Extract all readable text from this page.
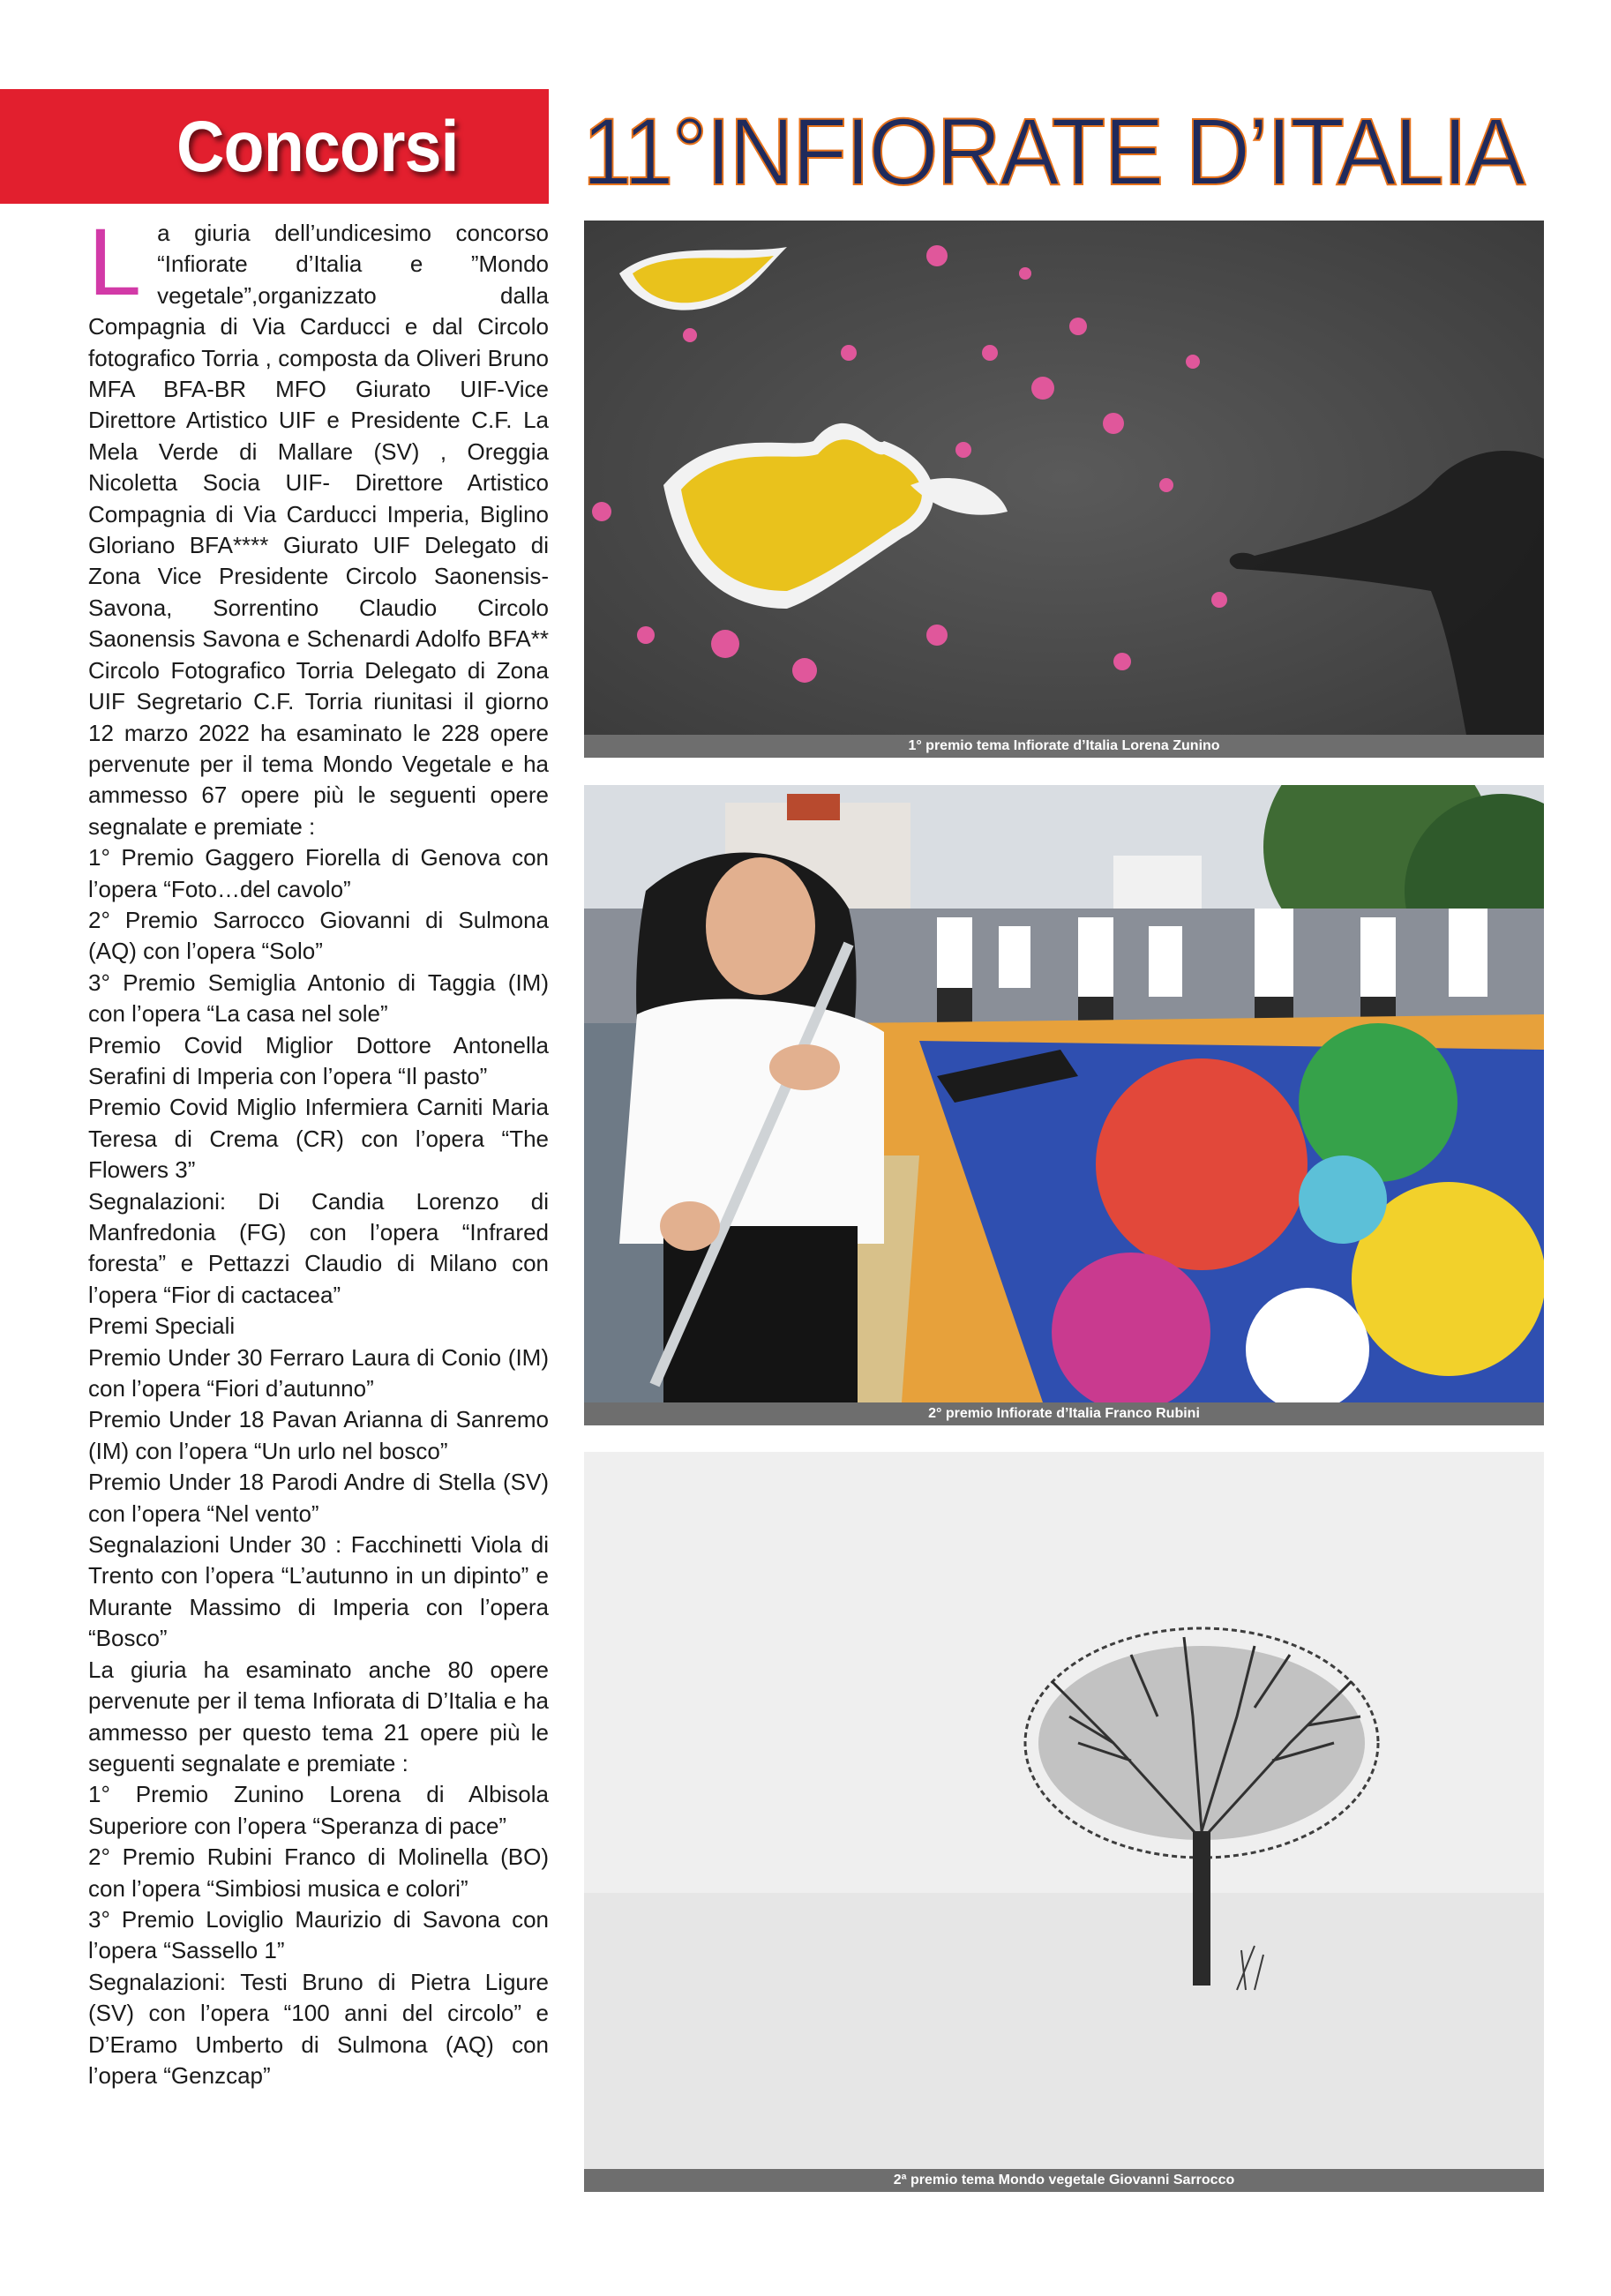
Concorsi 11°INFIORATE D’ITALIA

La giuria dell’undicesimo concorso “Infiorate d’Italia e ”Mondo vegetale”,organizzato dalla Compagnia di Via Carducci e dal Circolo fotografico Torria , composta da Oliveri Bruno MFA BFA-BR MFO Giurato UIF-Vice Direttore Artistico UIF e Presidente C.F. La Mela Verde di Mallare (SV) , Oreggia Nicoletta Socia UIF- Direttore Artistico Compagnia di Via Carducci Imperia, Biglino Gloriano BFA**** Giurato UIF Delegato di Zona Vice Presidente Circolo Saonensis- Savona, Sorrentino Claudio Circolo Saonensis Savona e Schenardi Adolfo BFA** Circolo Fotografico Torria Delegato di Zona UIF Segretario C.F. Torria riunitasi il giorno 12 marzo 2022 ha esaminato le 228 opere pervenute per il tema Mondo Vegetale e ha ammesso 67 opere più le seguenti opere segnalate e premiate :

1° Premio Gaggero Fiorella di Genova con l’opera “Foto…del cavolo”

2° Premio Sarrocco Giovanni di Sulmona (AQ) con l’opera “Solo”

3° Premio Semiglia Antonio di Taggia (IM) con l’opera “La casa nel sole”

Premio Covid Miglior Dottore Antonella Serafini di Imperia con l’opera “Il pasto”

Premio Covid Miglio Infermiera Carniti Maria Teresa di Crema (CR) con l’opera “The Flowers 3”

Segnalazioni: Di Candia Lorenzo di Manfredonia (FG) con l’opera “Infrared foresta” e Pettazzi Claudio di Milano con l’opera “Fior di cactacea”

Premi Speciali

Premio Under 30 Ferraro Laura di Conio (IM) con l’opera “Fiori d’autunno”

Premio Under 18 Pavan Arianna di Sanremo (IM) con l’opera “Un urlo nel bosco”

Premio Under 18 Parodi Andre di Stella (SV) con l’opera “Nel vento”

Segnalazioni Under 30 : Facchinetti Viola di Trento con l’opera “L’autunno in un dipinto” e Murante Massimo di Imperia con l’opera “Bosco”

La giuria ha esaminato anche 80 opere pervenute per il tema Infiorata di D’Italia e ha ammesso per questo tema 21 opere più le seguenti segnalate e premiate :

1° Premio Zunino Lorena di Albisola Superiore con l’opera “Speranza di pace”

2° Premio Rubini Franco di Molinella (BO) con l’opera “Simbiosi musica e colori”

3° Premio Loviglio Maurizio di Savona con l’opera “Sassello 1”

Segnalazioni: Testi Bruno di Pietra Ligure (SV) con l’opera “100 anni del circolo” e D’Eramo Umberto di Sulmona (AQ) con l’opera “Genzcap”

1° premio tema Infiorate d’Italia Lorena Zunino
2° premio Infiorate d’Italia Franco Rubini
2ª premio tema Mondo vegetale Giovanni Sarrocco
